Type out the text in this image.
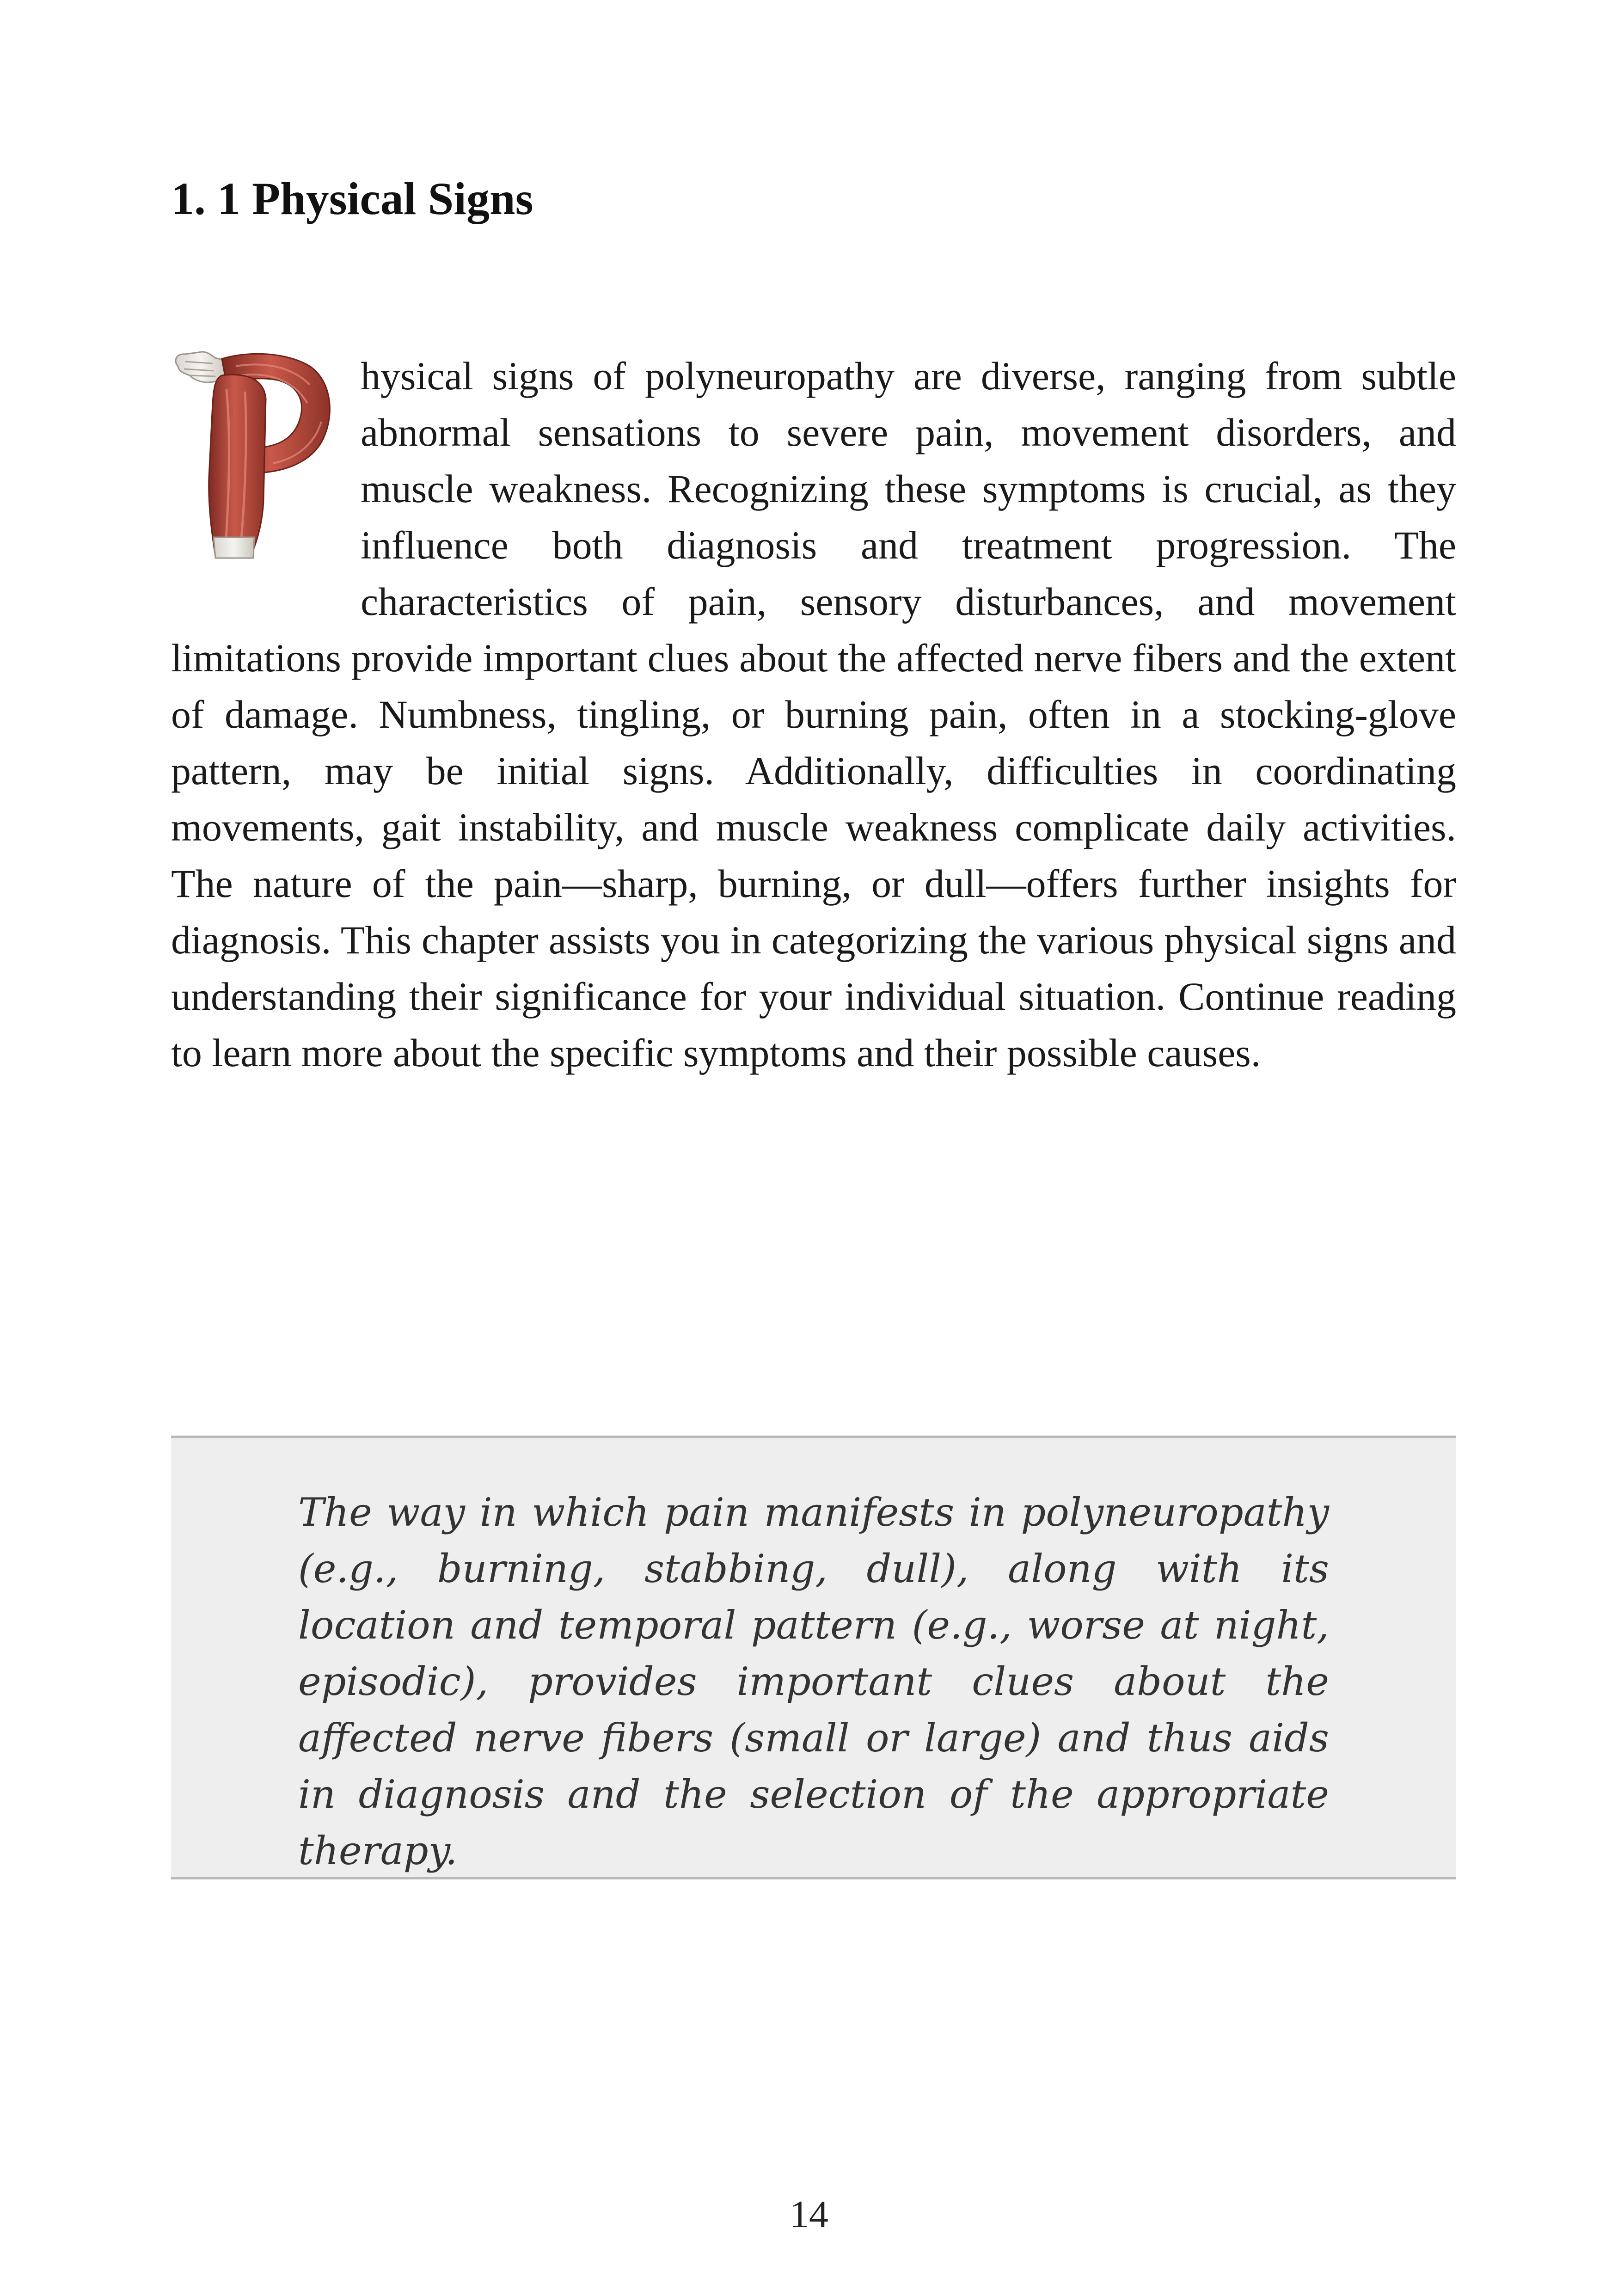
1. 1 Physical Signs
hysical signs of polyneuropathy are diverse, ranging from subtle abnormal sensations to severe pain, movement disorders, and muscle weakness. Recognizing these symptoms is crucial, as they influence both diagnosis and treatment progression. The characteristics of pain, sensory disturbances, and movement limitations provide important clues about the affected nerve fibers and the extent of damage. Numbness, tingling, or burning pain, often in a stocking-glove pattern, may be initial signs. Additionally, difficulties in coordinating movements, gait instability, and muscle weakness complicate daily activities. The nature of the pain—sharp, burning, or dull—offers further insights for diagnosis. This chapter assists you in categorizing the various physical signs and understanding their significance for your individual situation. Continue reading to learn more about the specific symptoms and their possible causes.

The way in which pain manifests in polyneuropathy (e.g., burning, stabbing, dull), along with its location and temporal pattern (e.g., worse at night, episodic), provides important clues about the affected nerve fibers (small or large) and thus aids in diagnosis and the selection of the appropriate therapy.

14
